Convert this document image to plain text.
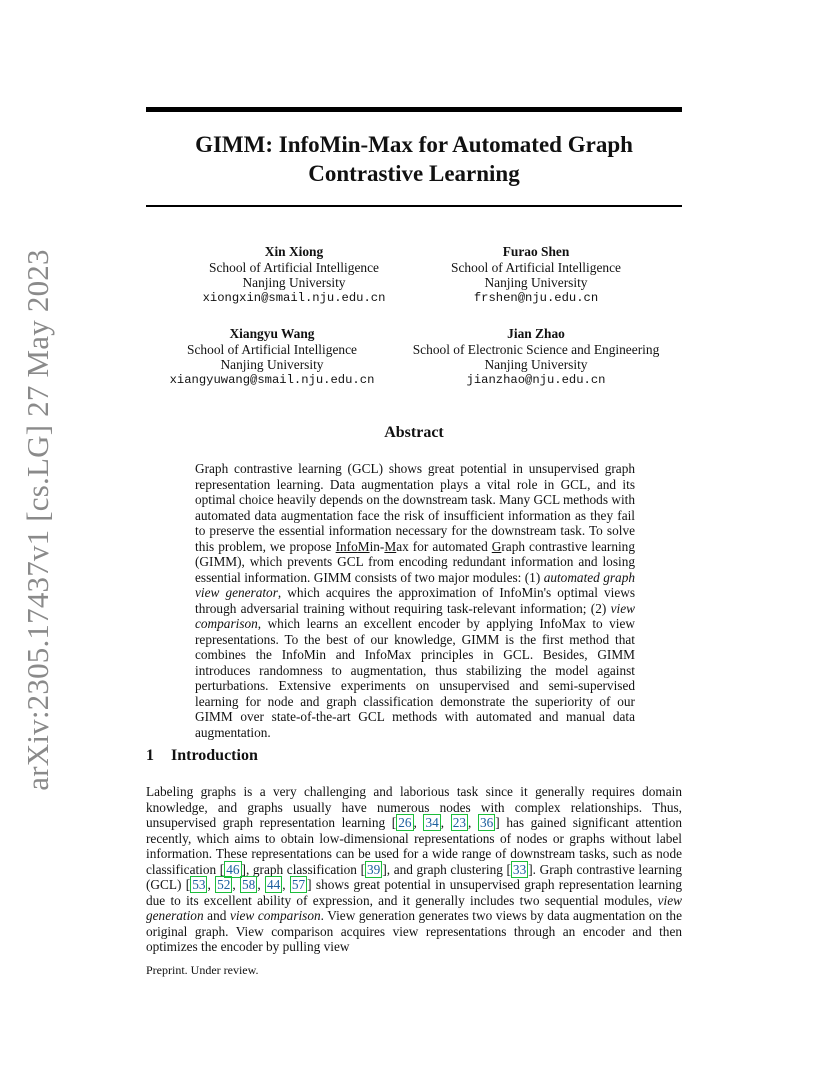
arXiv:2305.17437v1 [cs.LG] 27 May 2023
GIMM: InfoMin-Max for Automated Graph
Contrastive Learning
Xin Xiong
School of Artificial Intelligence
Nanjing University
xiongxin@smail.nju.edu.cn
Furao Shen
School of Artificial Intelligence
Nanjing University
frshen@nju.edu.cn
Xiangyu Wang
School of Artificial Intelligence
Nanjing University
xiangyuwang@smail.nju.edu.cn
Jian Zhao
School of Electronic Science and Engineering
Nanjing University
jianzhao@nju.edu.cn
Abstract
Graph contrastive learning (GCL) shows great potential in unsupervised graph representation learning. Data augmentation plays a vital role in GCL, and its optimal choice heavily depends on the downstream task. Many GCL methods with automated data augmentation face the risk of insufficient information as they fail to preserve the essential information necessary for the downstream task. To solve this problem, we propose InfoMin-Max for automated Graph contrastive learning (GIMM), which prevents GCL from encoding redundant information and losing essential information. GIMM consists of two major modules: (1) automated graph view generator, which acquires the approximation of InfoMin's optimal views through adversarial training without requiring task-relevant information; (2) view comparison, which learns an excellent encoder by applying InfoMax to view representations. To the best of our knowledge, GIMM is the first method that combines the InfoMin and InfoMax principles in GCL. Besides, GIMM introduces randomness to augmentation, thus stabilizing the model against perturbations. Extensive experiments on unsupervised and semi-supervised learning for node and graph classification demonstrate the superiority of our GIMM over state-of-the-art GCL methods with automated and manual data augmentation.
1 Introduction
Labeling graphs is a very challenging and laborious task since it generally requires domain knowledge, and graphs usually have numerous nodes with complex relationships. Thus, unsupervised graph representation learning [ 26 , 34 , 23 , 36 ] has gained significant attention recently, which aims to obtain low-dimensional representations of nodes or graphs without label information. These representations can be used for a wide range of downstream tasks, such as node classification [ 46 ], graph classification [ 39 ], and graph clustering [ 33 ]. Graph contrastive learning (GCL) [ 53 , 52 , 58 , 44 , 57 ] shows great potential in unsupervised graph representation learning due to its excellent ability of expression, and it generally includes two sequential modules, view generation and view comparison. View generation generates two views by data augmentation on the original graph. View comparison acquires view representations through an encoder and then optimizes the encoder by pulling view
Preprint. Under review.
